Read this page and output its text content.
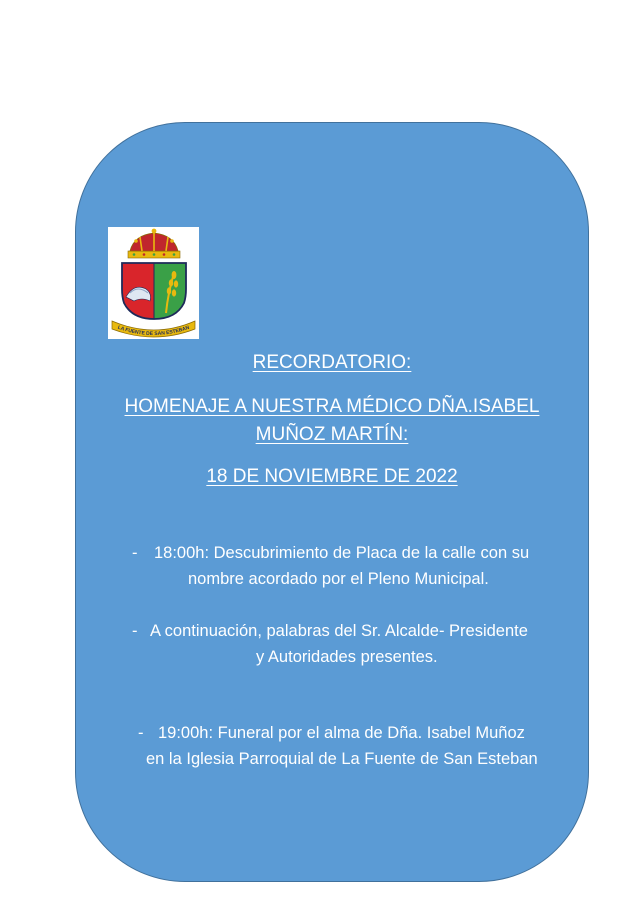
LA FUENTE DE SAN ESTEBAN
RECORDATORIO:
HOMENAJE A NUESTRA MÉDICO DÑA.ISABEL
MUÑOZ MARTÍN:
18 DE NOVIEMBRE DE 2022
- 18:00h: Descubrimiento de Placa de la calle con su
nombre acordado por el Pleno Municipal.
- A continuación, palabras del Sr. Alcalde- Presidente
y Autoridades presentes.
- 19:00h: Funeral por el alma de Dña. Isabel Muñoz
en la Iglesia Parroquial de La Fuente de San Esteban
